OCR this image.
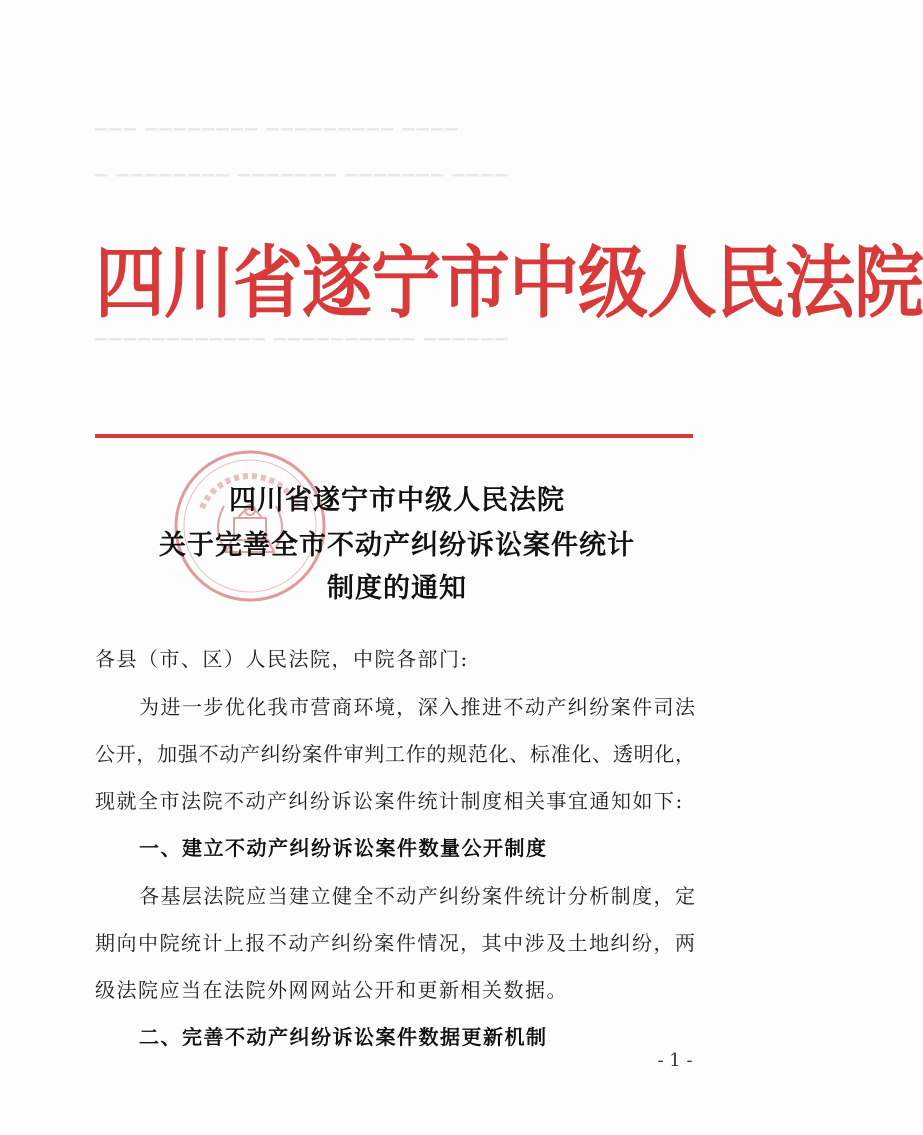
▔▔▔ ▔▔▔▔▔▔▔▔ ▔▔▔▔▔▔▔▔▔ ▔▔▔▔
▔ ▔▔▔▔▔▔▔▔ ▔▔▔▔▔▔▔ ▔▔▔▔▔▔▔ ▔▔▔▔
▔▔▔▔▔▔▔▔▔▔▔▔ ▔▔▔▔▔▔▔▔▔▔ ▔▔▔▔▔▔
四川省遂宁市中级人民法院
四川省遂宁市中级人民法院
关于完善全市不动产纠纷诉讼案件统计
制度的通知
各县（市、区）人民法院，中院各部门:
为进一步优化我市营商环境，深入推进不动产纠纷案件司法
公开，加强不动产纠纷案件审判工作的规范化、标准化、透明化，
现就全市法院不动产纠纷诉讼案件统计制度相关事宜通知如下:
一、建立不动产纠纷诉讼案件数量公开制度
各基层法院应当建立健全不动产纠纷案件统计分析制度，定
期向中院统计上报不动产纠纷案件情况，其中涉及土地纠纷，两
级法院应当在法院外网网站公开和更新相关数据。
二、完善不动产纠纷诉讼案件数据更新机制
- 1 -
